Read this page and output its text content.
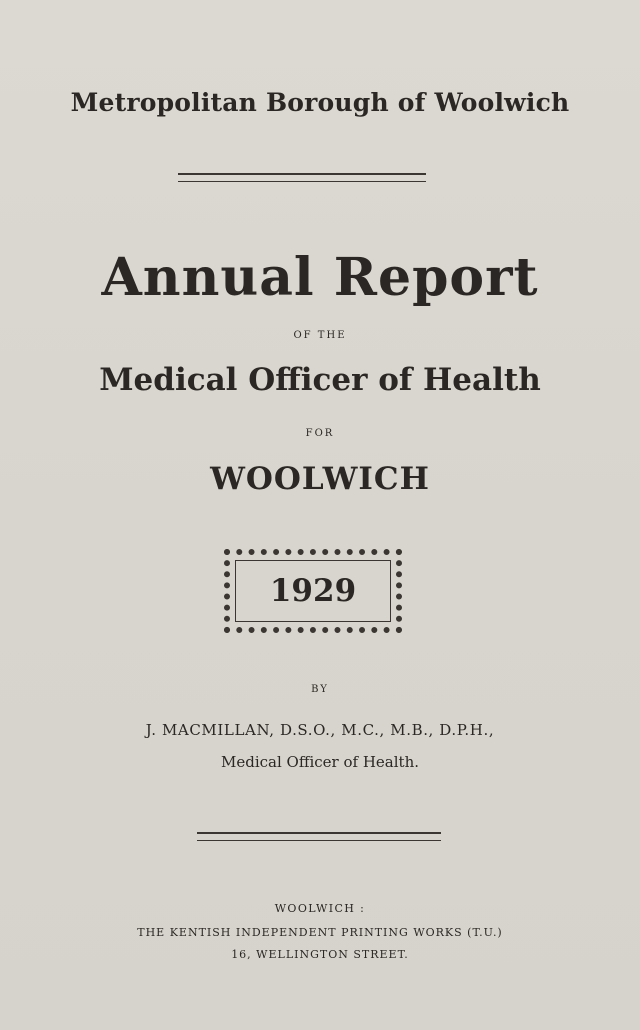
Metropolitan Borough of Woolwich
Annual Report
OF THE
Medical Officer of Health
FOR
WOOLWICH
1929
BY
J. MACMILLAN, D.S.O., M.C., M.B., D.P.H.,
Medical Officer of Health.
WOOLWICH :
THE KENTISH INDEPENDENT PRINTING WORKS (T.U.)
16, WELLINGTON STREET.
